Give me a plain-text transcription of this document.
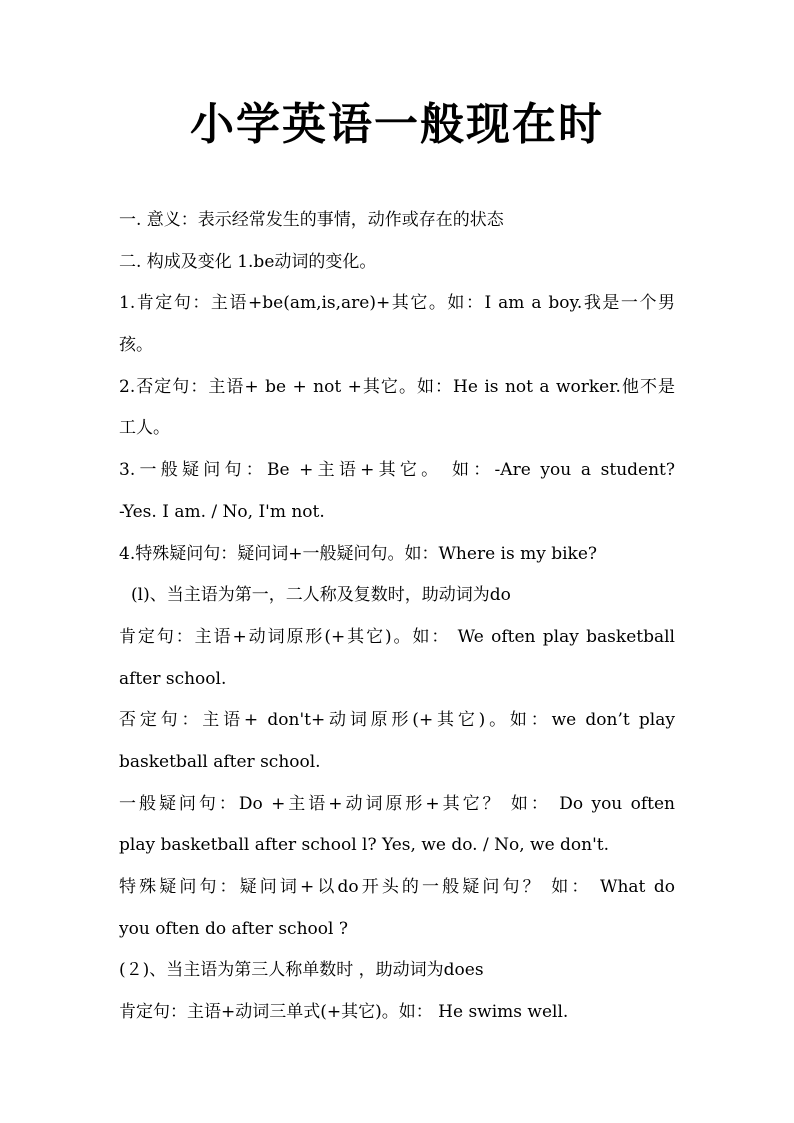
小学英语一般现在时
一. 意义：表示经常发生的事情，动作或存在的状态
二. 构成及变化 1.be动词的变化。
1.肯定句：主语+be(am,is,are)+其它。如：I am a boy.我是一个男
孩。
2.否定句：主语+ be + not +其它。如：He is not a worker.他不是
工人。
3.一般疑问句：Be +主语+其它。 如：-Are you a student?
-Yes. I am. / No, I'm not.
4.特殊疑问句：疑问词+一般疑问句。如：Where is my bike?
(l)、当主语为第一，二人称及复数时，助动词为do
肯定句：主语+动词原形(+其它)。如： We often play basketball
after school.
否定句：主语+ don't+动词原形(+其它)。如：we don’t play
basketball after school.
一般疑问句：Do +主语+动词原形+其它？ 如： Do you often
play basketball after school l? Yes, we do. / No, we don't.
特殊疑问句：疑问词+以do开头的一般疑问句？ 如： What do
you often do after school ?
(２)、当主语为第三人称单数时 ，助动词为does
肯定句：主语+动词三单式(+其它)。如： He swims well.
